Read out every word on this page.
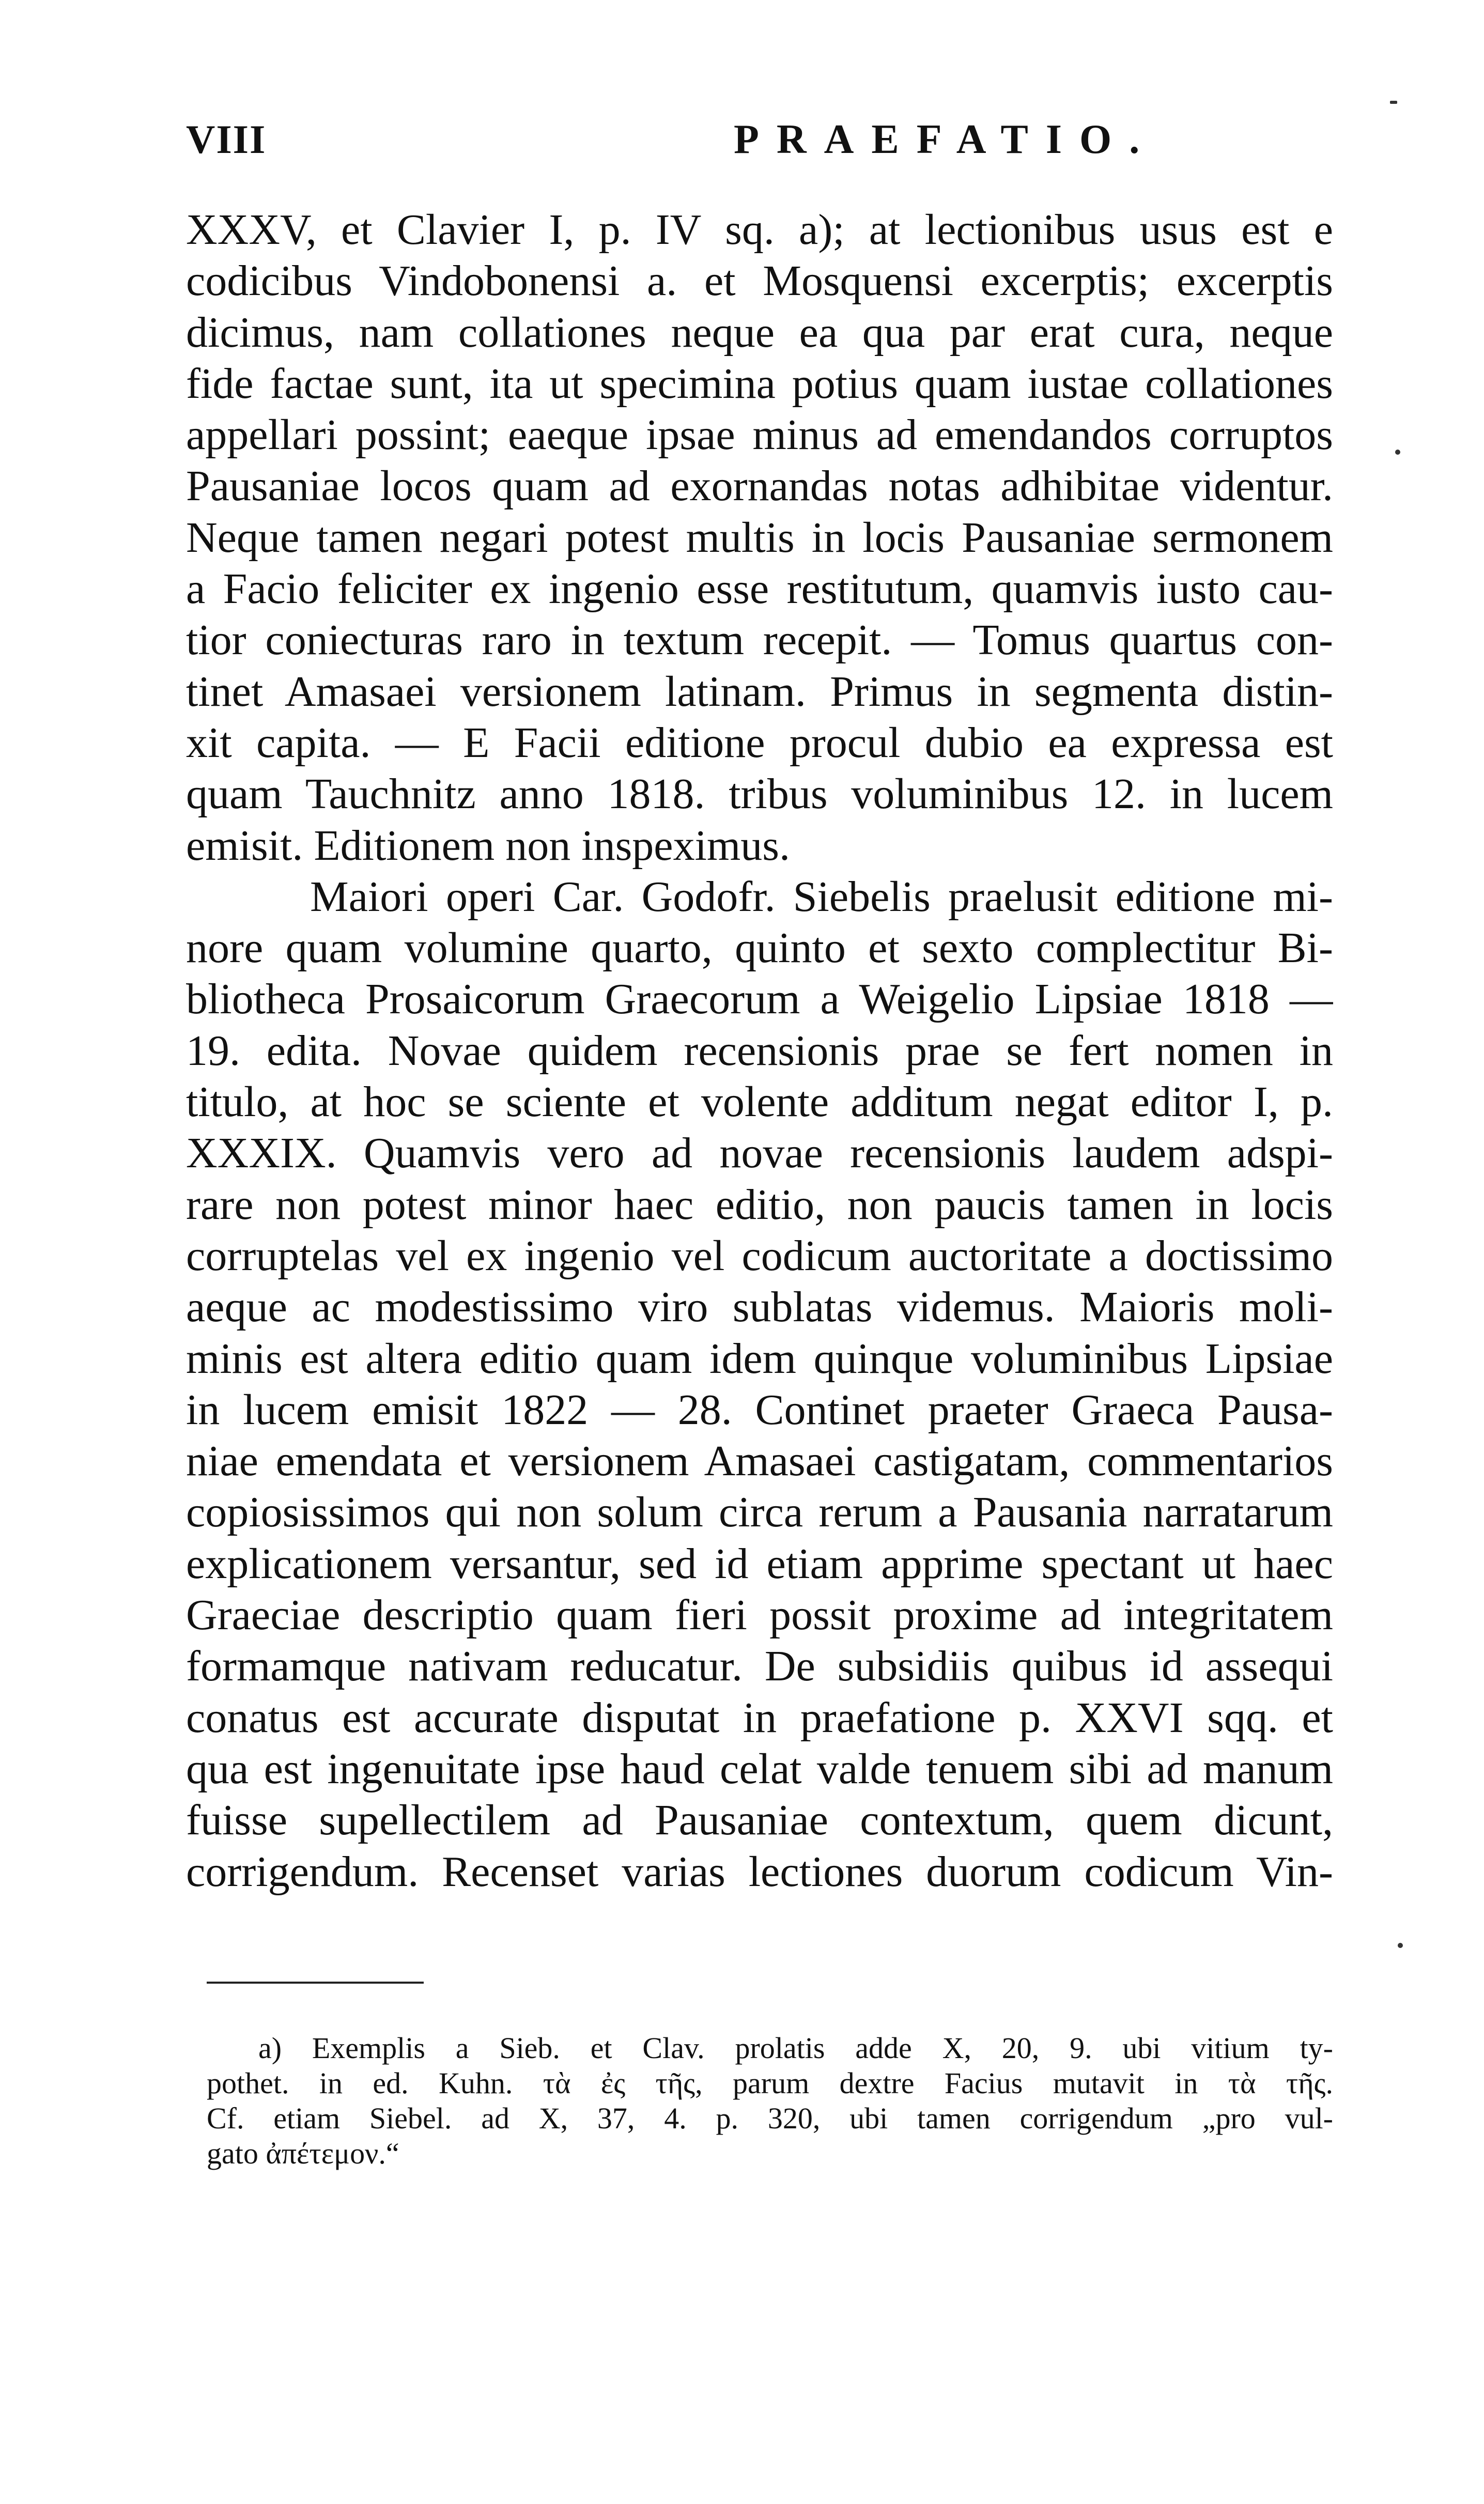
VIII	PRAEFATIO.
XXXV, et Clavier I, p. IV sq. a); at lectionibus usus est e
codicibus Vindobonensi a. et Mosquensi excerptis; excerptis
dicimus, nam collationes neque ea qua par erat cura, neque
fide factae sunt, ita ut specimina potius quam iustae collationes
appellari possint; eaeque ipsae minus ad emendandos corruptos
Pausaniae locos quam ad exornandas notas adhibitae videntur.
Neque tamen negari potest multis in locis Pausaniae sermonem
a Facio feliciter ex ingenio esse restitutum, quamvis iusto cau-
tior coniecturas raro in textum recepit. — Tomus quartus con-
tinet Amasaei versionem latinam. Primus in segmenta distin-
xit capita. — E Facii editione procul dubio ea expressa est
quam Tauchnitz anno 1818. tribus voluminibus 12. in lucem
emisit. Editionem non inspeximus.
Maiori operi Car. Godofr. Siebelis praelusit editione mi-
nore quam volumine quarto, quinto et sexto complectitur Bi-
bliotheca Prosaicorum Graecorum a Weigelio Lipsiae 1818 —
19. edita. Novae quidem recensionis prae se fert nomen in
titulo, at hoc se sciente et volente additum negat editor I, p.
XXXIX. Quamvis vero ad novae recensionis laudem adspi-
rare non potest minor haec editio, non paucis tamen in locis
corruptelas vel ex ingenio vel codicum auctoritate a doctissimo
aeque ac modestissimo viro sublatas videmus. Maioris moli-
minis est altera editio quam idem quinque voluminibus Lipsiae
in lucem emisit 1822 — 28. Continet praeter Graeca Pausa-
niae emendata et versionem Amasaei castigatam, commentarios
copiosissimos qui non solum circa rerum a Pausania narratarum
explicationem versantur, sed id etiam apprime spectant ut haec
Graeciae descriptio quam fieri possit proxime ad integritatem
formamque nativam reducatur. De subsidiis quibus id assequi
conatus est accurate disputat in praefatione p. XXVI sqq. et
qua est ingenuitate ipse haud celat valde tenuem sibi ad manum
fuisse supellectilem ad Pausaniae contextum, quem dicunt,
corrigendum. Recenset varias lectiones duorum codicum Vin-
a) Exemplis a Sieb. et Clav. prolatis adde X, 20, 9. ubi vitium ty-
pothet. in ed. Kuhn. τὰ ἐς τῆς, parum dextre Facius mutavit in τὰ τῆς.
Cf. etiam Siebel. ad X, 37, 4. p. 320, ubi tamen corrigendum „pro vul-
gato ἀπέτεμον.“
